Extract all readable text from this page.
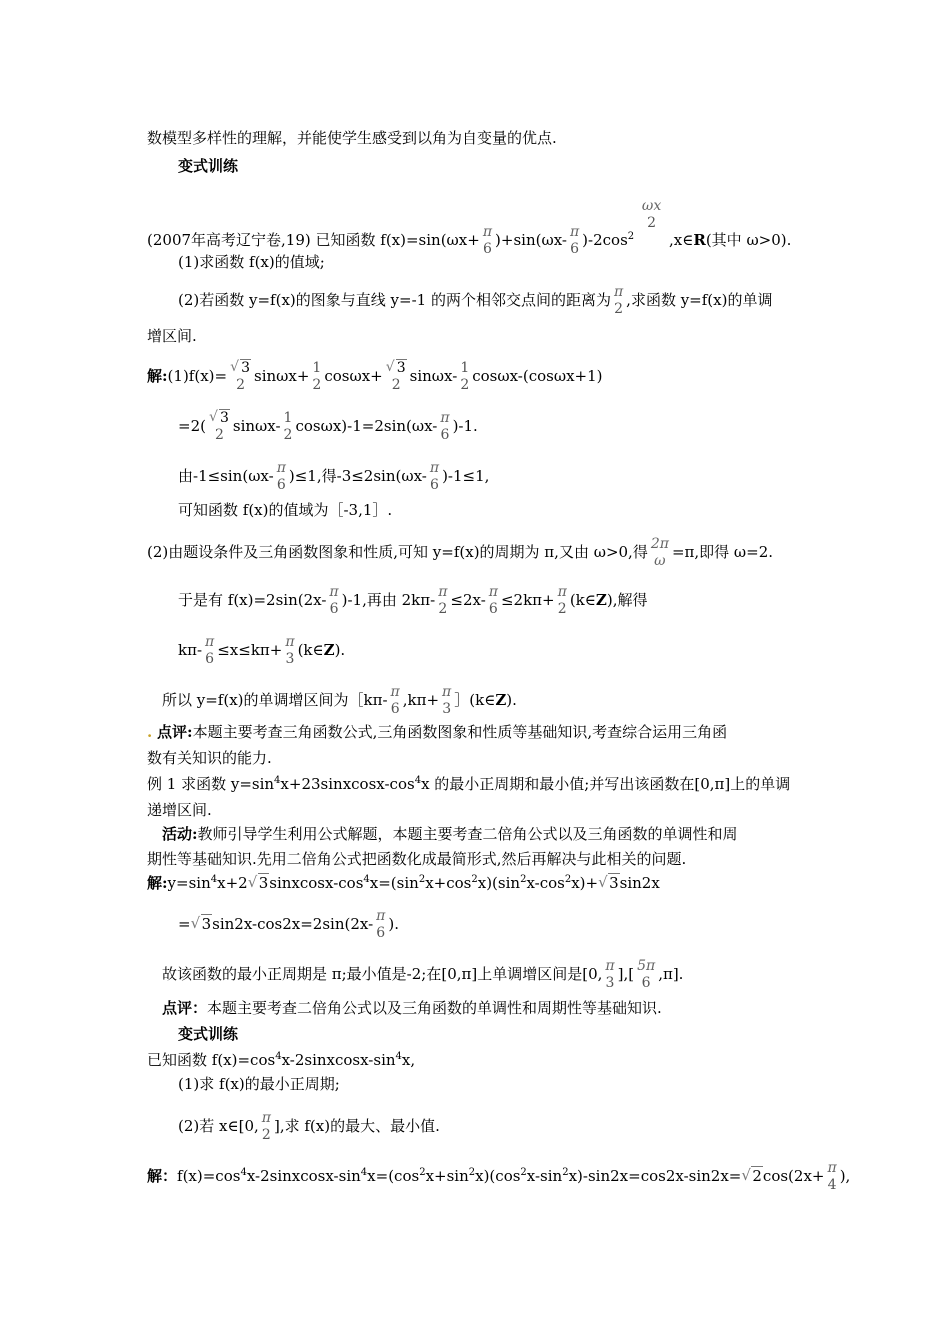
数模型多样性的理解，并能使学生感受到以角为自变量的优点.
变式训练
(2007年高考辽宁卷,19) 已知函数 f(x)=sin(ωx+ π
6 )+sin(ωx- π
6 )$-2\cos^2$
ωx
2
,x∈R(其中 ω>0).
(1)求函数 f(x)的值域;
(2)若函数 y=f(x)的图象与直线 y=-1 的两个相邻交点间的距离为 π
2 ,求函数 y=f(x)的单调
增区间.
解:(1)f(x)=
√	3
2 sinωx+ 1
2 cosωx+
√	3
2 sinωx- 1
2 cosωx-(cosωx+1)
=2(
√	3
2 sinωx- 1
2 cosωx)-1=2sin(ωx- π
6 )-1.
由-1≤sin(ωx- π
6 )≤1,得-3≤2sin(ωx- π
6 )-1≤1,
可知函数 f(x)的值域为［-3,1］.
(2)由题设条件及三角函数图象和性质,可知 y=f(x)的周期为 π,又由 ω>0,得 2π
ω =π,即得 ω=2.
于是有 f(x)=2sin(2x- π
6 )-1,再由 2kπ- π
2 ≤2x- π
6 ≤2kπ+ π
2 (k∈Z),解得
kπ- π
6 ≤x≤kπ+ π
3 (k∈Z).
所以 y=f(x)的单调增区间为［kπ- π
6 ,kπ+ π
3 ］(k∈Z).
. 点评:本题主要考查三角函数公式,三角函数图象和性质等基础知识,考查综合运用三角函
数有关知识的能力.
例 1 求函数 $y=\sin^4x+23sinxcosx-\cos^4x$ 的最小正周期和最小值;并写出该函数在[0,π]上的单调
递增区间.
活动:教师引导学生利用公式解题，本题主要考查二倍角公式以及三角函数的单调性和周
期性等基础知识.先用二倍角公式把函数化成最简形式,然后再解决与此相关的问题.
解$:y=\sin^4x+2√$ $3sinxcosx-\cos^4x=(\sin^2x+\cos^2x)(\sin^2x-\cos^2x)+√$ 3sin2x
=√ 3sin2x-cos2x=2sin(2x- π
6 ).
故该函数的最小正周期是 π;最小值是-2;在[0,π]上单调增区间是[0, π
3 ],[ 5π
6 ,π].
点评：本题主要考查二倍角公式以及三角函数的单调性和周期性等基础知识.
变式训练
已知函数 $f(x)=\cos^4x-2sinxcosx-\sin^4x$,
(1)求 f(x)的最小正周期;
(2)若 x∈[0, π
2 ],求 f(x)的最大、最小值.
解：$f(x)=\cos^4x-2sinxcosx-\sin^4x=(\cos^2x+\sin^2x)(\cos^2x-\sin^2x)-\sin 2x=\cos 2x-\sin 2x=√$ 2cos(2x+ π
4 ),
